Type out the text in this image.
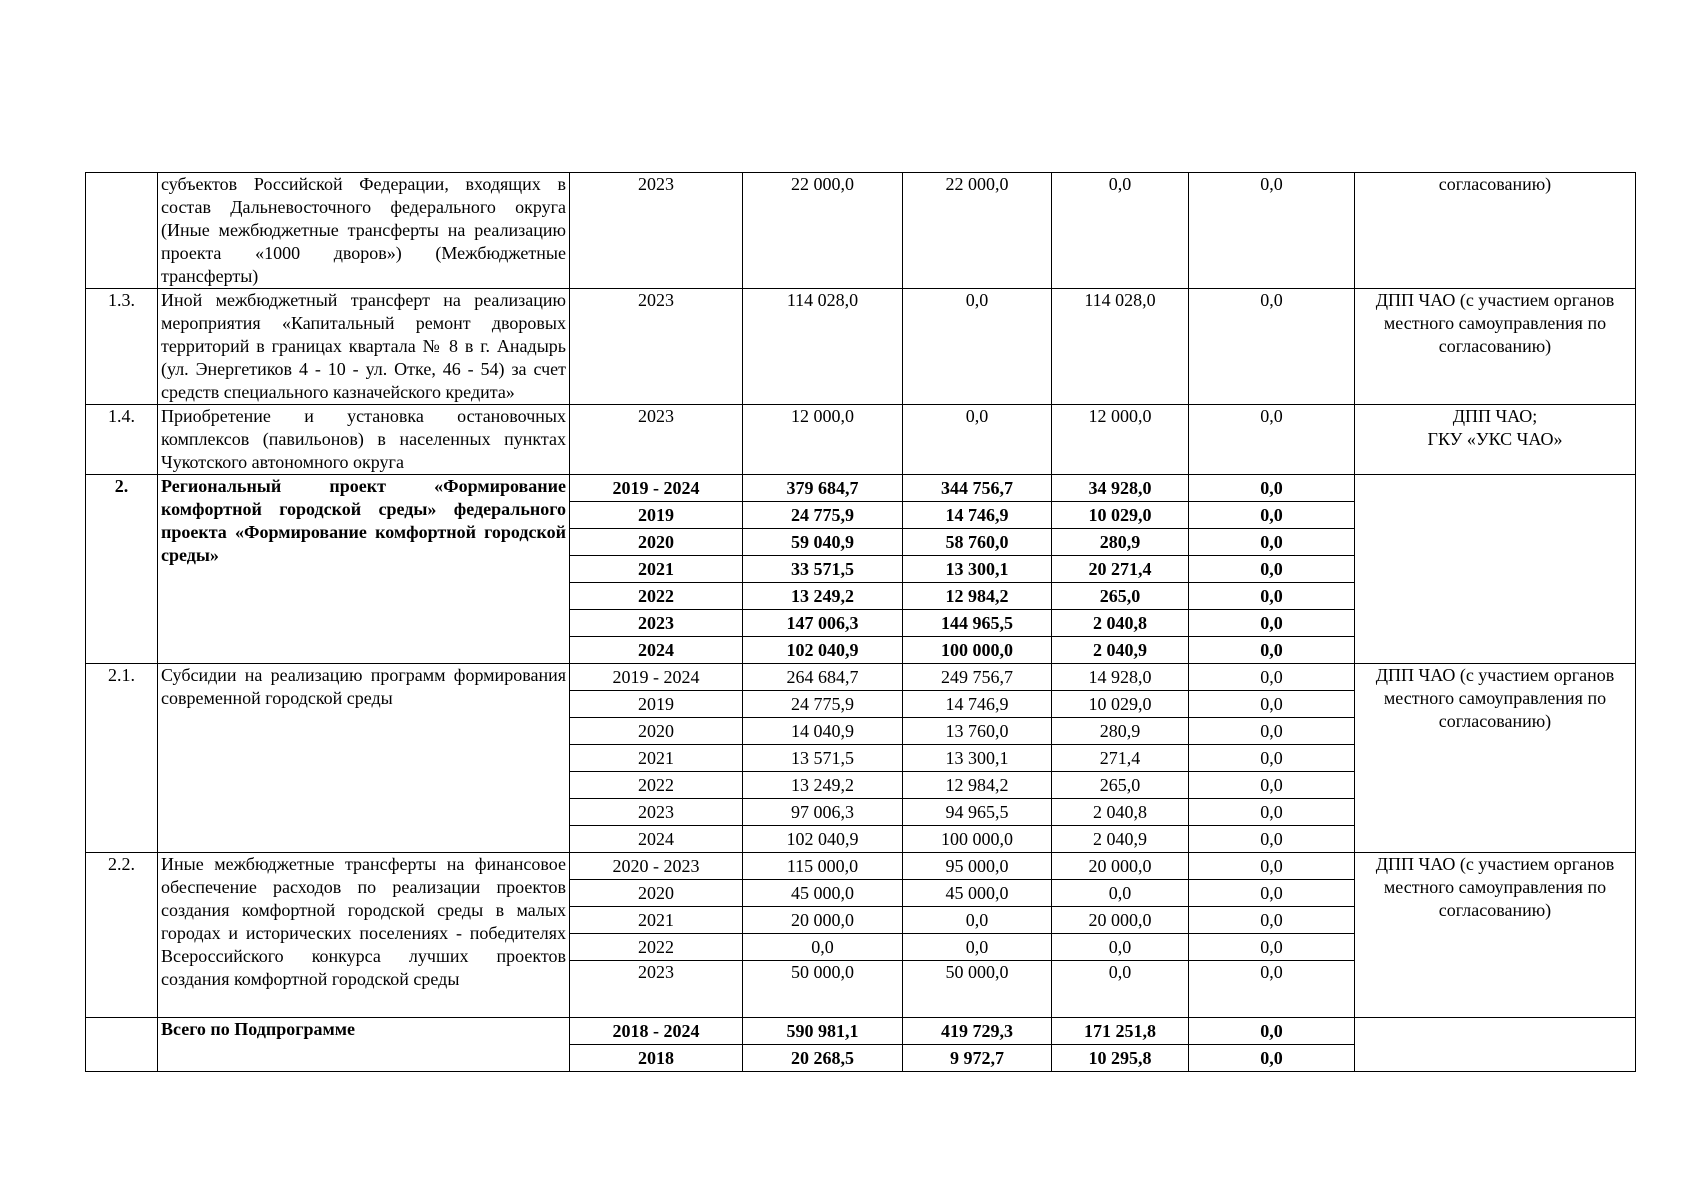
	субъектов Российской Федерации, входящих в состав Дальневосточного федерального округа (Иные межбюджетные трансферты на реализацию проекта «1000 дворов») (Межбюджетные трансферты)	2023	22 000,0	22 000,0	0,0	0,0	согласованию)
1.3.	Иной межбюджетный трансферт на реализацию мероприятия «Капитальный ремонт дворовых территорий в границах квартала № 8 в г. Анадырь (ул. Энергетиков 4 - 10 - ул. Отке, 46 - 54) за счет средств специального казначейского кредита»	2023	114 028,0	0,0	114 028,0	0,0	ДПП ЧАО (с участием органов местного самоуправления по согласованию)
1.4.	Приобретение и установка остановочных комплексов (павильонов) в населенных пунктах Чукотского автономного округа	2023	12 000,0	0,0	12 000,0	0,0	ДПП ЧАО;
ГКУ «УКС ЧАО»

2.	Региональный проект «Формирование комфортной городской среды» федерального проекта «Формирование комфортной городской среды»	2019 - 2024	379 684,7	344 756,7	34 928,0	0,0	
		2019	24 775,9	14 746,9	10 029,0	0,0	
		2020	59 040,9	58 760,0	280,9	0,0	
		2021	33 571,5	13 300,1	20 271,4	0,0	
		2022	13 249,2	12 984,2	265,0	0,0	
		2023	147 006,3	144 965,5	2 040,8	0,0	
		2024	102 040,9	100 000,0	2 040,9	0,0	
2.1.	Субсидии на реализацию программ формирования современной городской среды	2019 - 2024	264 684,7	249 756,7	14 928,0	0,0	ДПП ЧАО (с участием органов местного самоуправления по согласованию)
		2019	24 775,9	14 746,9	10 029,0	0,0	
		2020	14 040,9	13 760,0	280,9	0,0	
		2021	13 571,5	13 300,1	271,4	0,0	
		2022	13 249,2	12 984,2	265,0	0,0	
		2023	97 006,3	94 965,5	2 040,8	0,0	
		2024	102 040,9	100 000,0	2 040,9	0,0	
2.2.	Иные межбюджетные трансферты на финансовое обеспечение расходов по реализации проектов создания комфортной городской среды в малых городах и исторических поселениях - победителях Всероссийского конкурса лучших проектов создания комфортной городской среды	2020 - 2023	115 000,0	95 000,0	20 000,0	0,0	ДПП ЧАО (с участием органов местного самоуправления по согласованию)
		2020	45 000,0	45 000,0	0,0	0,0	
		2021	20 000,0	0,0	20 000,0	0,0	
		2022	0,0	0,0	0,0	0,0	
		2023	50 000,0	50 000,0	0,0	0,0	
	Всего по Подпрограмме	2018 - 2024	590 981,1	419 729,3	171 251,8	0,0	
		2018	20 268,5	9 972,7	10 295,8	0,0	
